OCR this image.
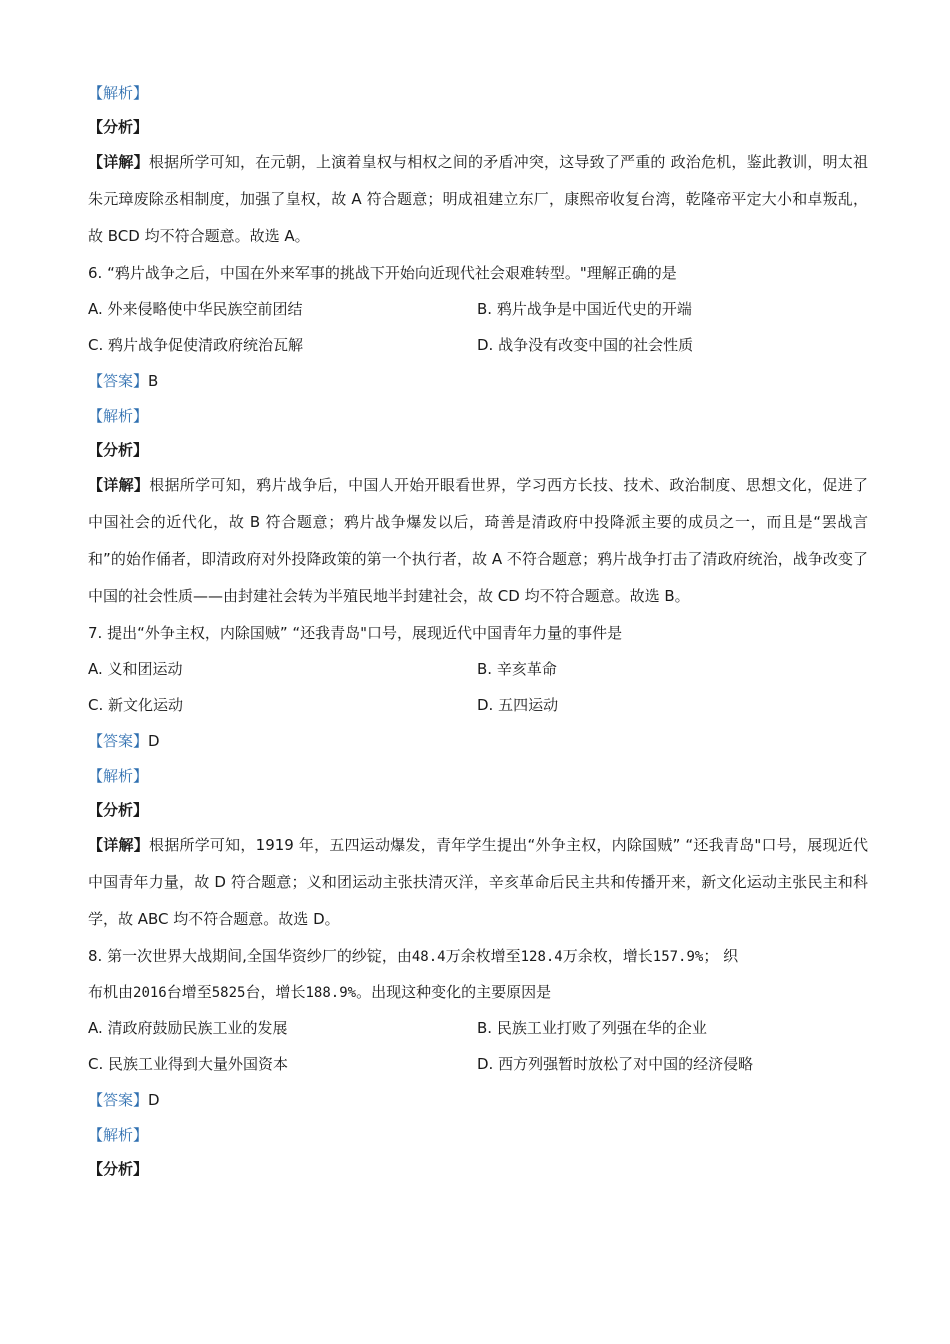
【解析】
【分析】
【详解】根据所学可知，在元朝，上演着皇权与相权之间的矛盾冲突，这导致了严重的 政治危机，鉴此教训，明太祖朱元璋废除丞相制度，加强了皇权，故 A 符合题意；明成祖建立东厂，康熙帝收复台湾，乾隆帝平定大小和卓叛乱，故 BCD 均不符合题意。故选 A。
6. “鸦片战争之后，中国在外来军事的挑战下开始向近现代社会艰难转型。"理解正确的是
A. 外来侵略使中华民族空前团结	B. 鸦片战争是中国近代史的开端
C. 鸦片战争促使清政府统治瓦解	D. 战争没有改变中国的社会性质
【答案】B
【解析】
【分析】
【详解】根据所学可知，鸦片战争后，中国人开始开眼看世界，学习西方长技、技术、政治制度、思想文化，促进了中国社会的近代化，故 B 符合题意；鸦片战争爆发以后，琦善是清政府中投降派主要的成员之一，而且是“罢战言和”的始作俑者，即清政府对外投降政策的第一个执行者，故 A 不符合题意；鸦片战争打击了清政府统治，战争改变了中国的社会性质——由封建社会转为半殖民地半封建社会，故 CD 均不符合题意。故选 B。
7. 提出“外争主权，内除国贼” “还我青岛"口号，展现近代中国青年力量的事件是
A. 义和团运动	B. 辛亥革命
C. 新文化运动	D. 五四运动
【答案】D
【解析】
【分析】
【详解】根据所学可知，1919 年，五四运动爆发，青年学生提出“外争主权，内除国贼” “还我青岛"口号，展现近代中国青年力量，故 D 符合题意；义和团运动主张扶清灭洋，辛亥革命后民主共和传播开来，新文化运动主张民主和科学，故 ABC 均不符合题意。故选 D。
8. 第一次世界大战期间,全国华资纱厂的纱锭，由48.4万余枚增至128.4万余枚，增长157.9%； 织
布机由2016台增至5825台，增长188.9%。出现这种变化的主要原因是
A. 清政府鼓励民族工业的发展	B. 民族工业打败了列强在华的企业
C. 民族工业得到大量外国资本	D. 西方列强暂时放松了对中国的经济侵略
【答案】D
【解析】
【分析】
